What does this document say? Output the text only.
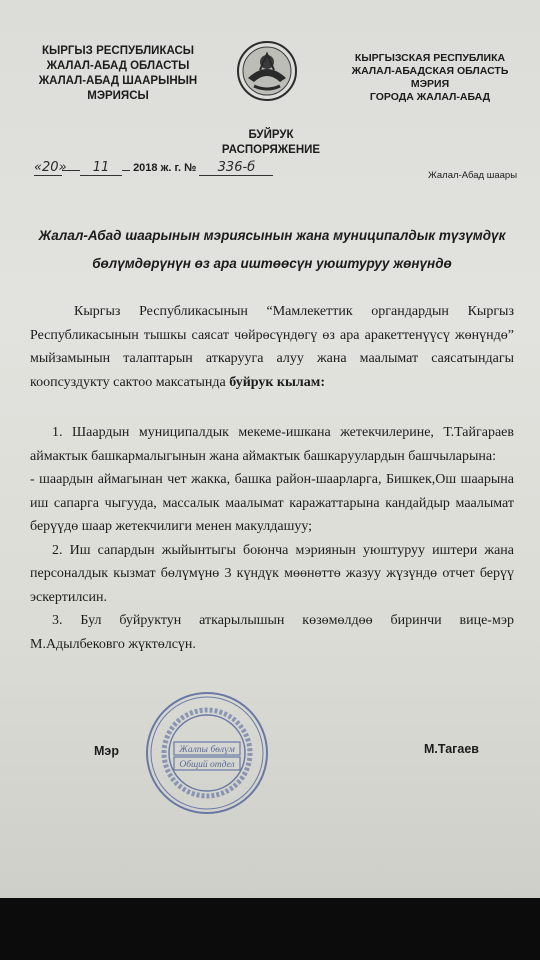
КЫРГЫЗ РЕСПУБЛИКАСЫ
ЖАЛАЛ-АБАД ОБЛАСТЫ
ЖАЛАЛ-АБАД ШААРЫНЫН
МЭРИЯСЫ
КЫРГЫЗСКАЯ РЕСПУБЛИКА
ЖАЛАЛ-АБАДСКАЯ ОБЛАСТЬ
МЭРИЯ
ГОРОДА ЖАЛАЛ-АБАД
БУЙРУК
РАСПОРЯЖЕНИЕ
«20» 11 2018 ж. г. № 336-б
Жалал-Абад шаары
Жалал-Абад шаарынын мэриясынын жана муниципалдык түзүмдүк
бөлүмдөрүнүн өз ара иштөөсүн уюштуруу жөнүндө

Кыргыз Республикасынын “Мамлекеттик органдардын Кыргыз Республикасынын тышкы саясат чөйрөсүндөгү өз ара аракеттенүүсү жөнүндө” мыйзамынын талаптарын аткарууга алуу жана маалымат саясатындагы коопсуздукту сактоо максатында буйрук кылам:

1. Шаардын муниципалдык мекеме-ишкана жетекчилерине, Т.Тайгараев аймактык башкармалыгынын жана аймактык башкаруулардын башчыларына:

- шаардын аймагынан чет жакка, башка район-шаарларга, Бишкек,Ош шаарына иш сапарга чыгууда, массалык маалымат каражаттарына кандайдыр маалымат берүүдө шаар жетекчилиги менен макулдашуу;

2. Иш сапардын жыйынтыгы боюнча мэриянын уюштуруу иштери жана персоналдык кызмат бөлүмүнө 3 күндүк мөөнөттө жазуу жүзүндө отчет берүү эскертилсин.

3. Бул буйруктун аткарылышын көзөмөлдөө биринчи вице-мэр М.Адылбековго жүктөлсүн.

Мэр	М.Тагаев
Жалпы бөлүм
Общий отдел
